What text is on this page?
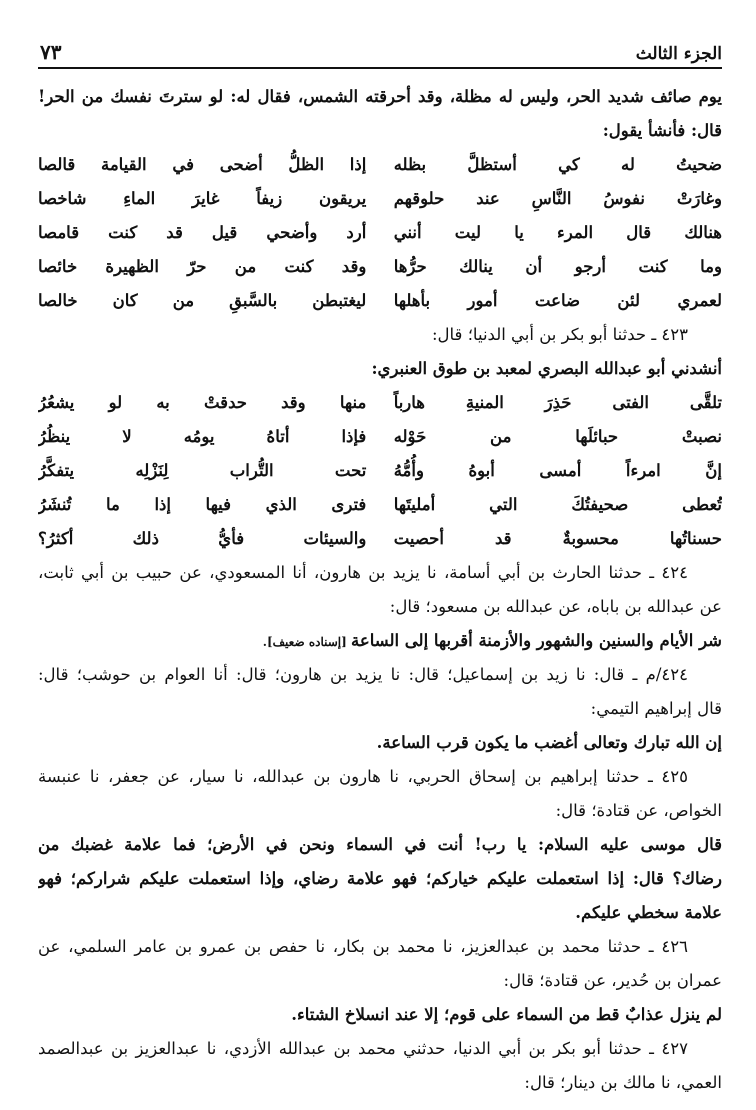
الجزء الثالث
٧٣
يوم صائف شديد الحر، وليس له مظلة، وقد أحرقته الشمس، فقال له: لو سترتَ نفسك من الحر!
قال: فأنشأ يقول:
ضحيتُ له كي أستظلَّ بظله
إذا الظلُّ أضحى في القيامة قالصا
وغارَتْ نفوسُ النَّاسِ عند حلوقهم
يريقون زيفاً غايرَ الماءِ شاخصا
هنالك قال المرء يا ليت أنني
أرد وأضحي قيل قد كنت قامصا
وما كنت أرجو أن ينالك حرُّها
وقد كنت من حرّ الظهيرة خائصا
لعمري لئن ضاعت أمور بأهلها
ليغتبطن بالسَّبقِ من كان خالصا
٤٢٣ ـ حدثنا أبو بكر بن أبي الدنيا؛ قال:
أنشدني أبو عبدالله البصري لمعبد بن طوق العنبري:
تلقَّى الفتى حَذِرَ المنيةِ هارباً
منها وقد حدقتْ به لو يشعُرُ
نصبتْ حبائلَها من حَوْله
فإذا أتاهُ يومُه لا ينظُرُ
إنَّ امرءاً أمسى أبوهُ وأُمُّهُ
تحت التُّراب لِنَزْلِه يتفكَّرُ
تُعطى صحيفتُكَ التي أمليتَها
فترى الذي فيها إذا ما تُنشَرُ
حسناتُها محسوبةٌ قد أحصيت
والسيئات فأيُّ ذلك أكثرُ؟
٤٢٤ ـ حدثنا الحارث بن أبي أسامة، نا يزيد بن هارون، أنا المسعودي، عن حبيب بن أبي ثابت،
عن عبدالله بن باباه، عن عبدالله بن مسعود؛ قال:
شر الأيام والسنين والشهور والأزمنة أقربها إلى الساعة [إسناده ضعيف].
٤٢٤/م ـ قال: نا زيد بن إسماعيل؛ قال: نا يزيد بن هارون؛ قال: أنا العوام بن حوشب؛ قال:
قال إبراهيم التيمي:
إن الله تبارك وتعالى أغضب ما يكون قرب الساعة.
٤٢٥ ـ حدثنا إبراهيم بن إسحاق الحربي، نا هارون بن عبدالله، نا سيار، عن جعفر، نا عنبسة
الخواص، عن قتادة؛ قال:
قال موسى عليه السلام: يا رب! أنت في السماء ونحن في الأرض؛ فما علامة غضبك من
رضاك؟ قال: إذا استعملت عليكم خياركم؛ فهو علامة رضاي، وإذا استعملت عليكم شراركم؛ فهو
علامة سخطي عليكم.
٤٢٦ ـ حدثنا محمد بن عبدالعزيز، نا محمد بن بكار، نا حفص بن عمرو بن عامر السلمي، عن
عمران بن حُدير، عن قتادة؛ قال:
لم ينزل عذابٌ قط من السماء على قوم؛ إلا عند انسلاخ الشتاء.
٤٢٧ ـ حدثنا أبو بكر بن أبي الدنيا، حدثني محمد بن عبدالله الأزدي، نا عبدالعزيز بن عبدالصمد
العمي، نا مالك بن دينار؛ قال:
